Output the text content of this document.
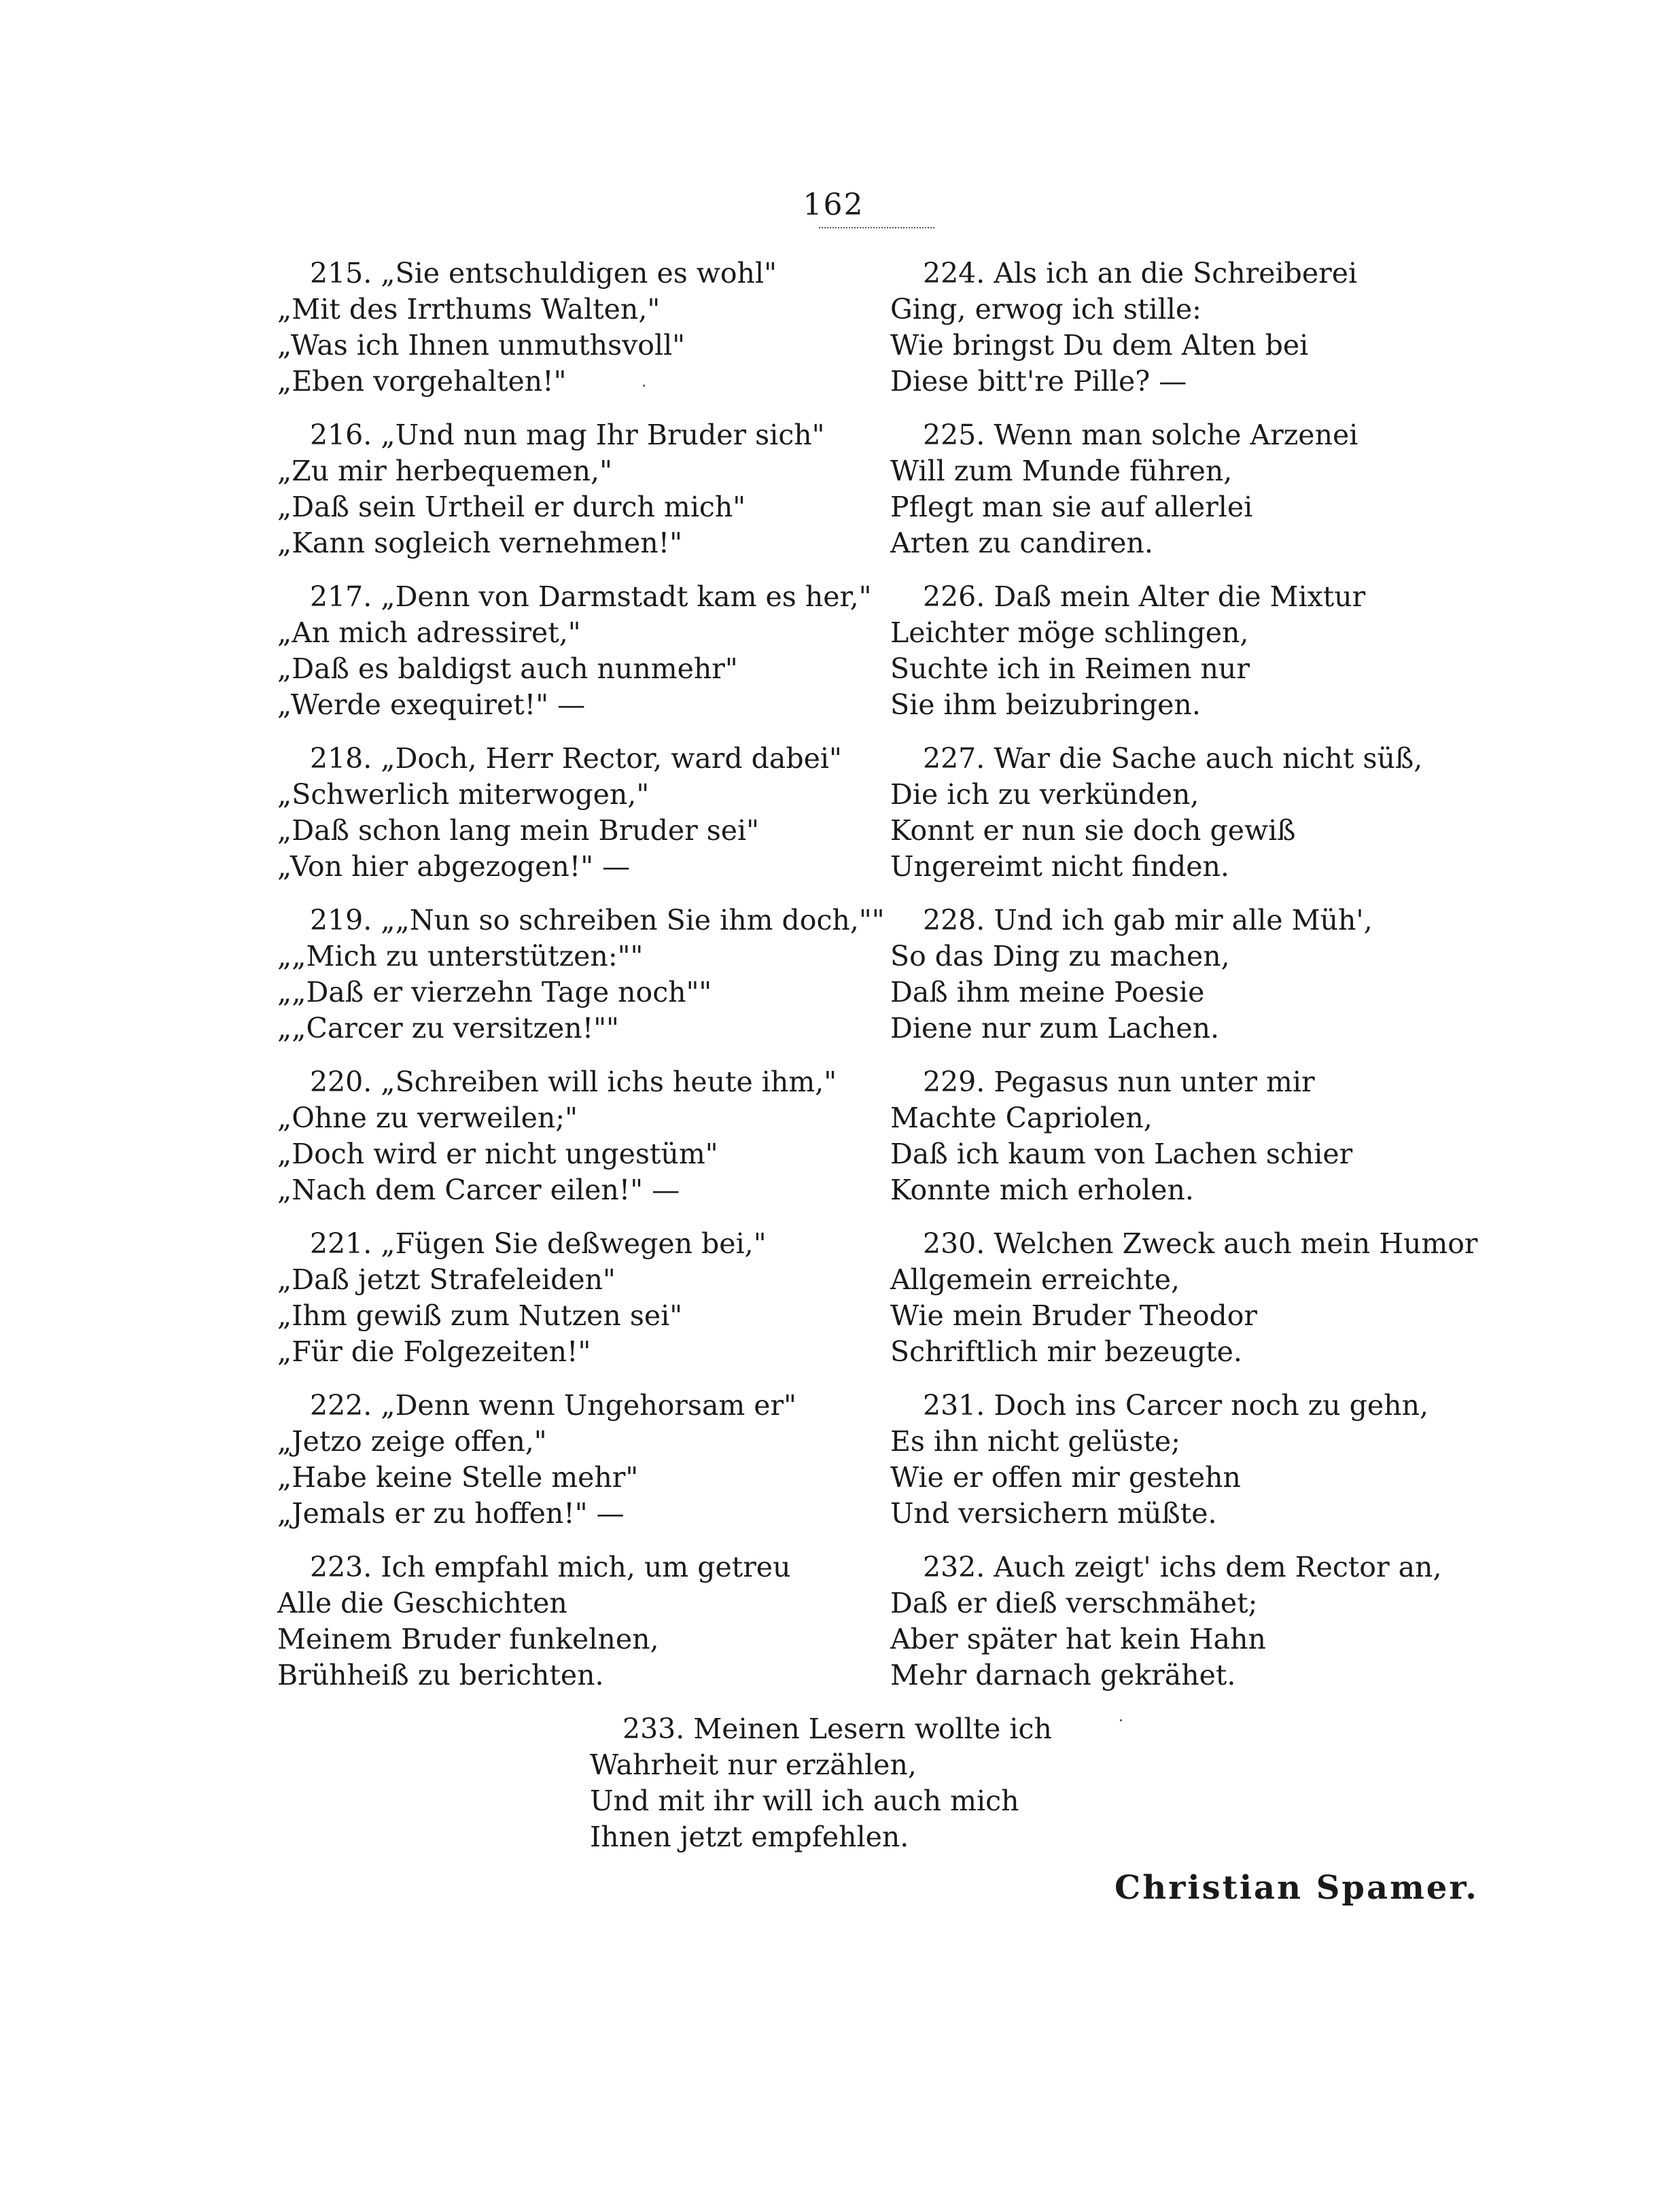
162
215. „Sie entschuldigen es wohl"
„Mit des Irrthums Walten,"
„Was ich Ihnen unmuthsvoll"
„Eben vorgehalten!"
216. „Und nun mag Ihr Bruder sich"
„Zu mir herbequemen,"
„Daß sein Urtheil er durch mich"
„Kann sogleich vernehmen!"
217. „Denn von Darmstadt kam es her,"
„An mich adressiret,"
„Daß es baldigst auch nunmehr"
„Werde exequiret!" —
218. „Doch, Herr Rector, ward dabei"
„Schwerlich miterwogen,"
„Daß schon lang mein Bruder sei"
„Von hier abgezogen!" —
219. „„Nun so schreiben Sie ihm doch,""
„„Mich zu unterstützen:""
„„Daß er vierzehn Tage noch""
„„Carcer zu versitzen!""
220. „Schreiben will ichs heute ihm,"
„Ohne zu verweilen;"
„Doch wird er nicht ungestüm"
„Nach dem Carcer eilen!" —
221. „Fügen Sie deßwegen bei,"
„Daß jetzt Strafeleiden"
„Ihm gewiß zum Nutzen sei"
„Für die Folgezeiten!"
222. „Denn wenn Ungehorsam er"
„Jetzo zeige offen,"
„Habe keine Stelle mehr"
„Jemals er zu hoffen!" —
223. Ich empfahl mich, um getreu
Alle die Geschichten
Meinem Bruder funkelnen,
Brühheiß zu berichten.
224. Als ich an die Schreiberei
Ging, erwog ich stille:
Wie bringst Du dem Alten bei
Diese bitt're Pille? —
225. Wenn man solche Arzenei
Will zum Munde führen,
Pflegt man sie auf allerlei
Arten zu candiren.
226. Daß mein Alter die Mixtur
Leichter möge schlingen,
Suchte ich in Reimen nur
Sie ihm beizubringen.
227. War die Sache auch nicht süß,
Die ich zu verkünden,
Konnt er nun sie doch gewiß
Ungereimt nicht finden.
228. Und ich gab mir alle Müh',
So das Ding zu machen,
Daß ihm meine Poesie
Diene nur zum Lachen.
229. Pegasus nun unter mir
Machte Capriolen,
Daß ich kaum von Lachen schier
Konnte mich erholen.
230. Welchen Zweck auch mein Humor
Allgemein erreichte,
Wie mein Bruder Theodor
Schriftlich mir bezeugte.
231. Doch ins Carcer noch zu gehn,
Es ihn nicht gelüste;
Wie er offen mir gestehn
Und versichern müßte.
232. Auch zeigt' ichs dem Rector an,
Daß er dieß verschmähet;
Aber später hat kein Hahn
Mehr darnach gekrähet.
233. Meinen Lesern wollte ich
Wahrheit nur erzählen,
Und mit ihr will ich auch mich
Ihnen jetzt empfehlen.
Christian Spamer.
